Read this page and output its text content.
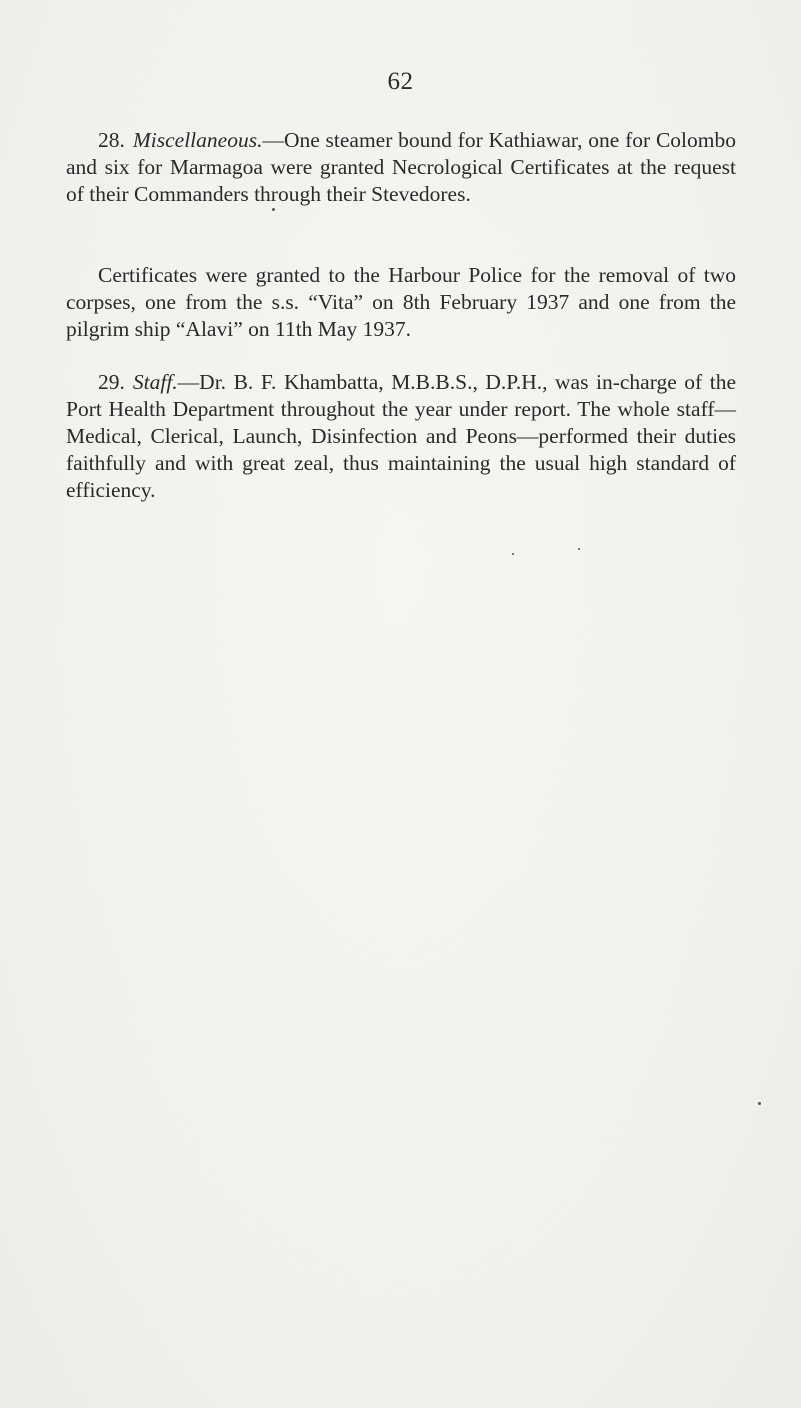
62

28. Miscellaneous.—One steamer bound for Kathiawar, one for Colombo and six for Marmagoa were granted Necrological Certificates at the request of their Commanders through their Stevedores.

Certificates were granted to the Harbour Police for the removal of two corpses, one from the s.s. “Vita” on 8th February 1937 and one from the pilgrim ship “Alavi” on 11th May 1937.

29. Staff.—Dr. B. F. Khambatta, M.B.B.S., D.P.H., was in-charge of the Port Health Department throughout the year under report. The whole staff—Medical, Clerical, Launch, Disinfection and Peons—performed their duties faithfully and with great zeal, thus maintaining the usual high standard of efficiency.
